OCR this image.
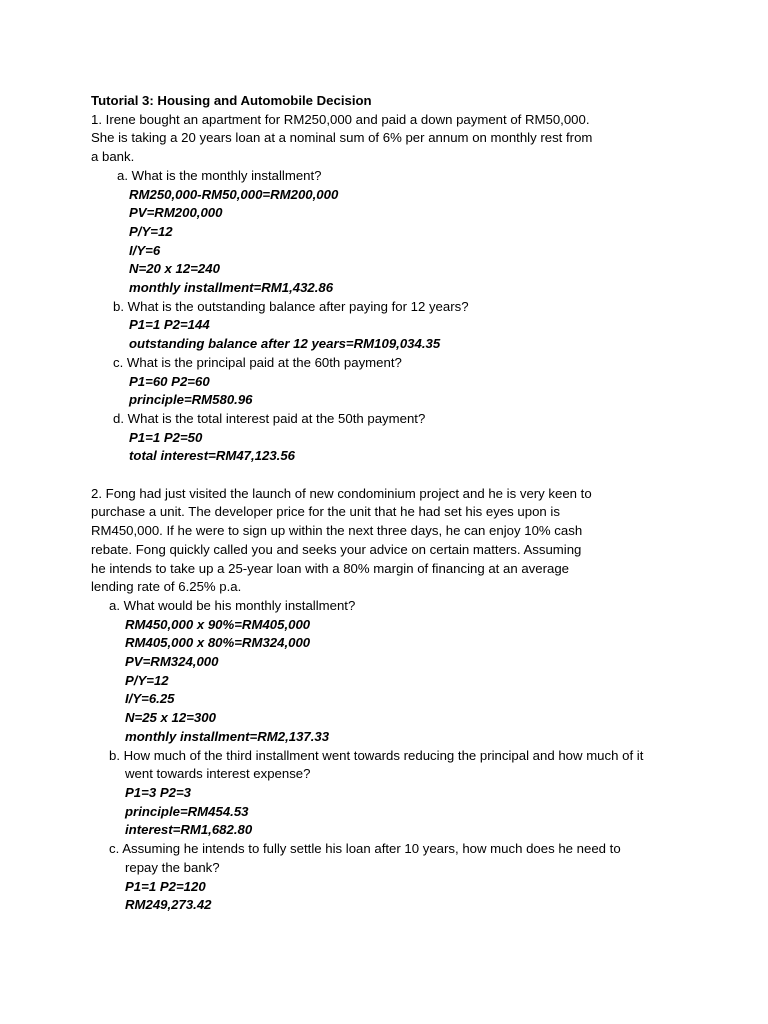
Tutorial 3: Housing and Automobile Decision
1. Irene bought an apartment for RM250,000 and paid a down payment of RM50,000.
She is taking a 20 years loan at a nominal sum of 6% per annum on monthly rest from
a bank.
a. What is the monthly installment?
RM250,000-RM50,000=RM200,000
PV=RM200,000
P/Y=12
I/Y=6
N=20 x 12=240
monthly installment=RM1,432.86
b. What is the outstanding balance after paying for 12 years?
P1=1 P2=144
outstanding balance after 12 years=RM109,034.35
c. What is the principal paid at the 60th payment?
P1=60 P2=60
principle=RM580.96
d. What is the total interest paid at the 50th payment?
P1=1 P2=50
total interest=RM47,123.56
2. Fong had just visited the launch of new condominium project and he is very keen to
purchase a unit. The developer price for the unit that he had set his eyes upon is
RM450,000. If he were to sign up within the next three days, he can enjoy 10% cash
rebate. Fong quickly called you and seeks your advice on certain matters. Assuming
he intends to take up a 25-year loan with a 80% margin of financing at an average
lending rate of 6.25% p.a.
a. What would be his monthly installment?
RM450,000 x 90%=RM405,000
RM405,000 x 80%=RM324,000
PV=RM324,000
P/Y=12
I/Y=6.25
N=25 x 12=300
monthly installment=RM2,137.33
b. How much of the third installment went towards reducing the principal and how much of it
went towards interest expense?
P1=3 P2=3
principle=RM454.53
interest=RM1,682.80
c. Assuming he intends to fully settle his loan after 10 years, how much does he need to
repay the bank?
P1=1 P2=120
RM249,273.42
